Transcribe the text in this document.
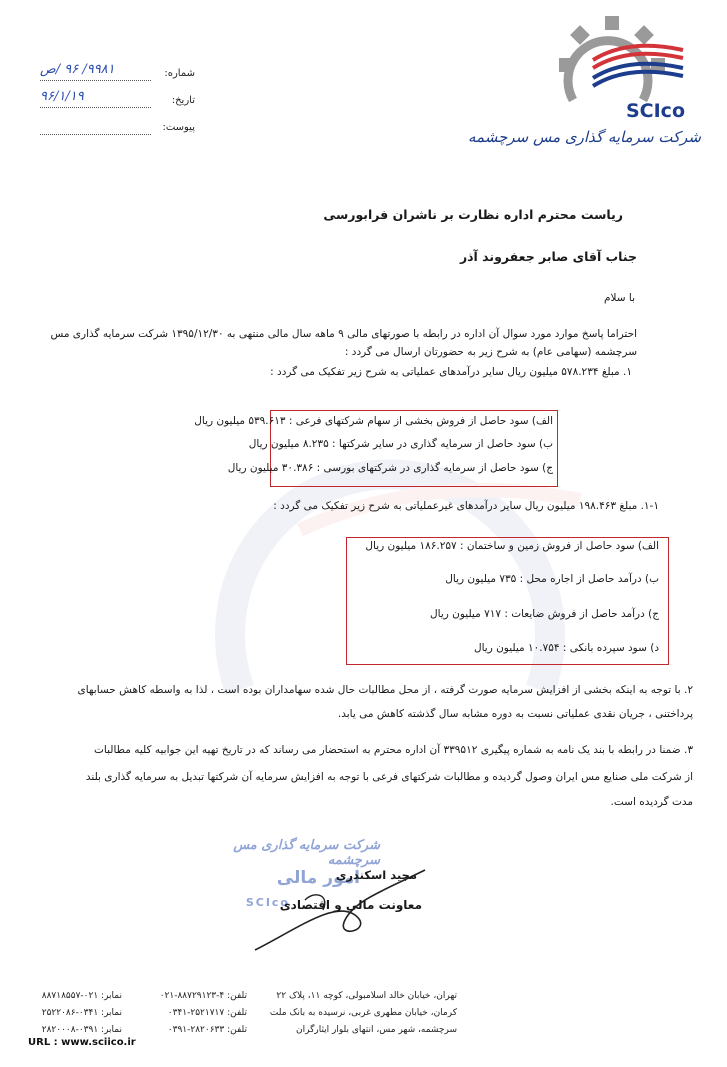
شماره:
۹۹۸۱/ ۹۶ /ص
تاریخ:
۹۶/۱/۱۹
پیوست:
SCIco
شرکت سرمایه گذاری مس سرچشمه
ریاست محترم اداره نظارت بر ناشران فرابورسی
جناب آقای صابر جعفروند آذر
با سلام
احتراما پاسخ موارد مورد سوال آن اداره در رابطه با صورتهای مالی ۹ ماهه سال مالی منتهی به ۱۳۹۵/۱۲/۳۰ شرکت سرمایه گذاری مس سرچشمه (سهامی عام) به شرح زیر به حضورتان ارسال می گردد :
۱. مبلغ ۵۷۸.۲۳۴ میلیون ریال سایر درآمدهای عملیاتی به شرح زیر تفکیک می گردد :
الف) سود حاصل از فروش بخشی از سهام شرکتهای فرعی : ۵۳۹.۶۱۳ میلیون ریال
ب) سود حاصل از سرمایه گذاری در سایر شرکتها : ۸.۲۳۵ میلیون ریال
ج) سود حاصل از سرمایه گذاری در شرکتهای بورسی : ۳۰.۳۸۶ میلیون ریال
۱-۱. مبلغ ۱۹۸.۴۶۳ میلیون ریال سایر درآمدهای غیرعملیاتی به شرح زیر تفکیک می گردد :
الف) سود حاصل از فروش زمین و ساختمان : ۱۸۶.۲۵۷ میلیون ریال
ب) درآمد حاصل از اجاره محل : ۷۳۵ میلیون ریال
ج) درآمد حاصل از فروش ضایعات : ۷۱۷ میلیون ریال
د) سود سپرده بانکی : ۱۰.۷۵۴ میلیون ریال
۲. با توجه به اینکه بخشی از افزایش سرمایه صورت گرفته ، از محل مطالبات حال شده سهامداران بوده است ، لذا به واسطه کاهش حسابهای
پرداختنی ، جریان نقدی عملیاتی نسبت به دوره مشابه سال گذشته کاهش می یابد.
۳. ضمنا در رابطه با بند یک نامه به شماره پیگیری ۳۳۹۵۱۲ آن اداره محترم به استحضار می رساند که در تاریخ تهیه این جوابیه کلیه مطالبات
از شرکت ملی صنایع مس ایران وصول گردیده و مطالبات شرکتهای فرعی با توجه به افزایش سرمایه آن شرکتها تبدیل به سرمایه گذاری بلند
مدت گردیده است.
شرکت سرمایه گذاری مس سرچشمه
امور مالی
SCIco
مجید اسکندری
معاونت مالی و اقتصادی
تهران، خیابان خالد اسلامبولی، کوچه ۱۱، پلاک ۲۲
کرمان، خیابان مطهری غربی، نرسیده به بانک ملت
سرچشمه، شهر مس، انتهای بلوار ایثارگران
تلفن: ۴-۸۸۷۲۹۱۲۳-۰۲۱
تلفن: ۲۵۲۱۷۱۷-۰۳۴۱
تلفن: ۲۸۲۰۶۳۳-۰۳۹۱
نمابر: ۰۲۱-۸۸۷۱۸۵۵۷
نمابر: ۰۳۴۱-۲۵۲۲۰۸۶
نمابر: ۰۳۹۱-۲۸۲۰۰۰۸
URL : www.sciico.ir
